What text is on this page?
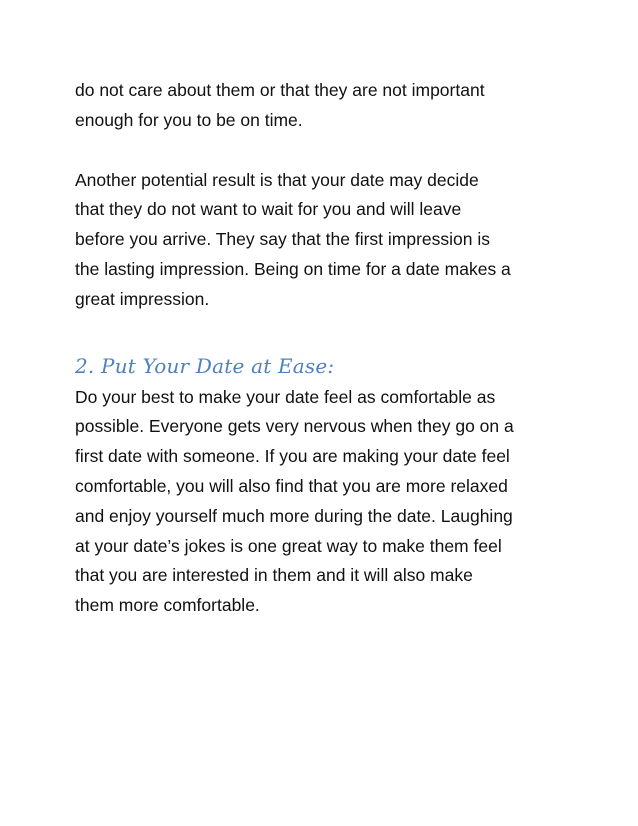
do not care about them or that they are not important
enough for you to be on time.

Another potential result is that your date may decide
that they do not want to wait for you and will leave
before you arrive. They say that the first impression is
the lasting impression. Being on time for a date makes a
great impression.

2. Put Your Date at Ease:

Do your best to make your date feel as comfortable as
possible. Everyone gets very nervous when they go on a
first date with someone. If you are making your date feel
comfortable, you will also find that you are more relaxed
and enjoy yourself much more during the date. Laughing
at your date’s jokes is one great way to make them feel
that you are interested in them and it will also make
them more comfortable.
